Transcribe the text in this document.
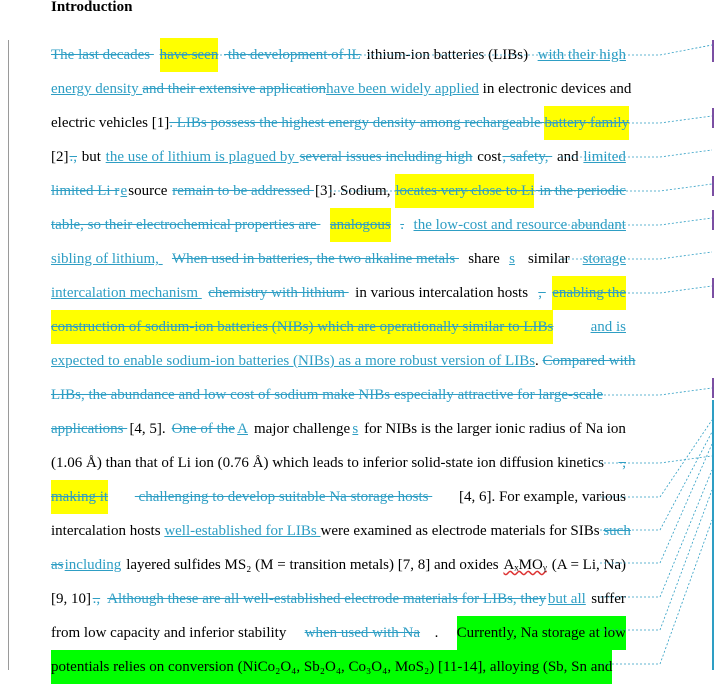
Introduction
The last decades have seen the development of lL ithium-ion batteries (LIBs) with their high
energy density and their extensive application have been widely applied in electronic devices and
electric vehicles [1] . LIBs possess the highest energy density among rechargeable battery family
[2] ., but the use of lithium is plagued by several issues including high cost , safety, and limited
limited Li r e source remain to be addressed [3]. Sodium, locates very close to Li in the periodic
table, so their electrochemical properties are analogous . the low-cost and resource abundant
sibling of lithium, When used in batteries, the two alkaline metals share s similar storage
intercalation mechanism chemistry with lithium in various intercalation hosts , enabling the
construction of sodium-ion batteries (NIBs) which are operationally similar to LIBs and is
expected to enable sodium-ion batteries (NIBs) as a more robust version of LIBs . Compared with
LIBs, the abundance and low cost of sodium make NIBs especially attractive for large-scale
applications [4, 5]. One of the A major challenge s for NIBs is the larger ionic radius of Na ion
(1.06 Å) than that of Li ion (0.76 Å) which leads to inferior solid-state ion diffusion kinetics ,
making it challenging to develop suitable Na storage hosts [4, 6]. For example, various
intercalation hosts well-established for LIBs were examined as electrode materials for SIBs such
as including layered sulfides MS₂ (M = transition metals) [7, 8] and oxides AₓMOᵧ (A = Li, Na)
[9, 10] .,
Although these are all well-established electrode materials for LIBs, they but all suffer
from low capacity and inferior stability when used with Na . Currently, Na storage at low
potentials relies on conversion (NiCo₂O₄, Sb₂O₄, Co₃O₄, MoS₂) [11-14], alloying (Sb, Sn and
